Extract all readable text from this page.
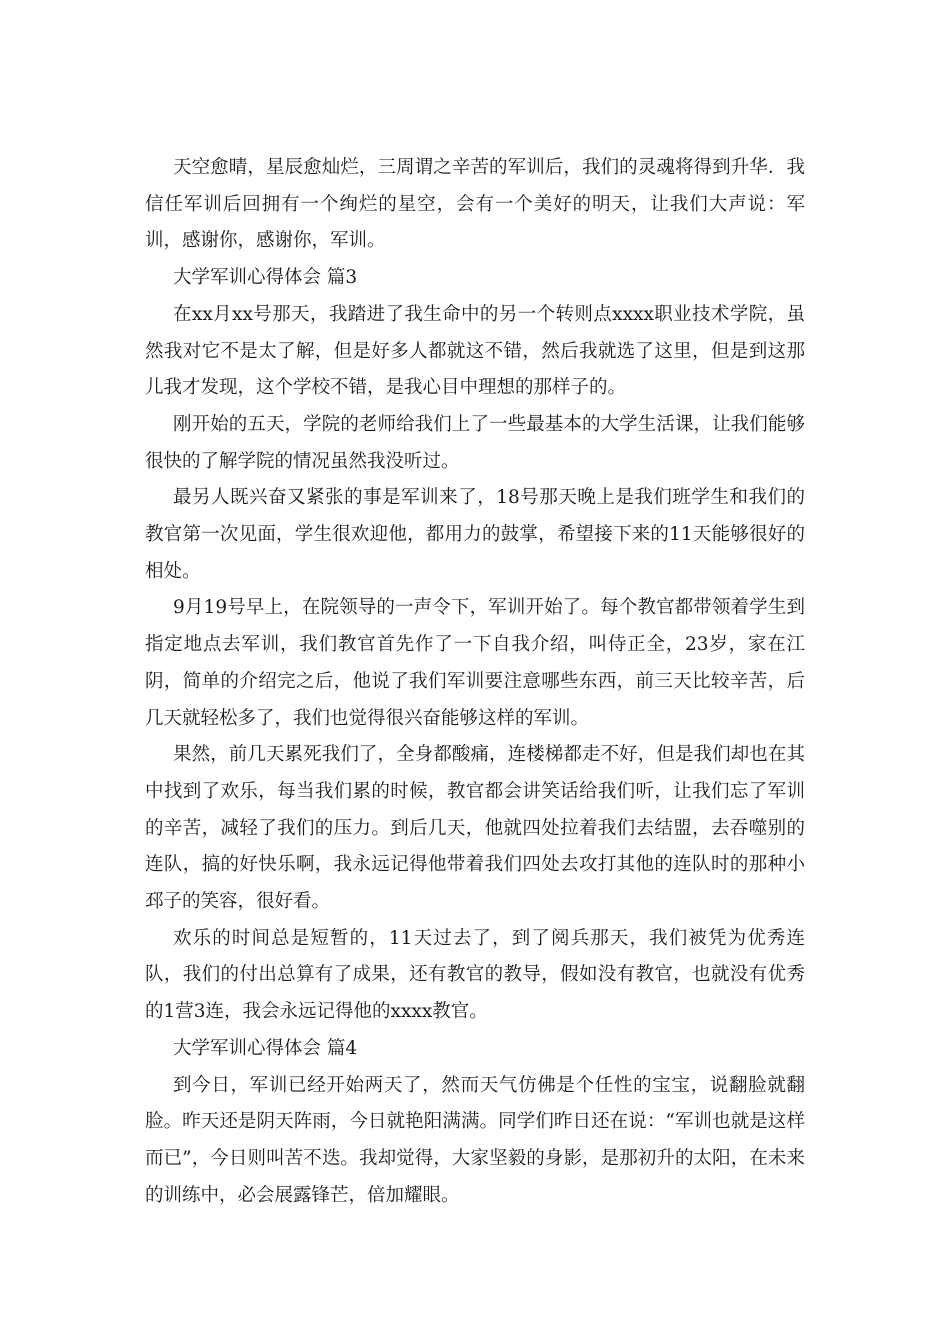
天空愈晴，星辰愈灿烂，三周谓之辛苦的军训后，我们的灵魂将得到升华．我信任军训后回拥有一个绚烂的星空，会有一个美好的明天，让我们大声说：军训，感谢你，感谢你，军训。

大学军训心得体会 篇3

在xx月xx号那天，我踏进了我生命中的另一个转则点xxxx职业技术学院，虽然我对它不是太了解，但是好多人都就这不错，然后我就选了这里，但是到这那儿我才发现，这个学校不错，是我心目中理想的那样子的。

刚开始的五天，学院的老师给我们上了一些最基本的大学生活课，让我们能够很快的了解学院的情况虽然我没听过。

最另人既兴奋又紧张的事是军训来了，18号那天晚上是我们班学生和我们的教官第一次见面，学生很欢迎他，都用力的鼓掌，希望接下来的11天能够很好的相处。

9月19号早上，在院领导的一声令下，军训开始了。每个教官都带领着学生到指定地点去军训，我们教官首先作了一下自我介绍，叫侍正全，23岁，家在江阴，简单的介绍完之后，他说了我们军训要注意哪些东西，前三天比较辛苦，后几天就轻松多了，我们也觉得很兴奋能够这样的军训。

果然，前几天累死我们了，全身都酸痛，连楼梯都走不好，但是我们却也在其中找到了欢乐，每当我们累的时候，教官都会讲笑话给我们听，让我们忘了军训的辛苦，减轻了我们的压力。到后几天，他就四处拉着我们去结盟，去吞噬别的连队，搞的好快乐啊，我永远记得他带着我们四处去攻打其他的连队时的那种小邳子的笑容，很好看。

欢乐的时间总是短暂的，11天过去了，到了阅兵那天，我们被凭为优秀连队，我们的付出总算有了成果，还有教官的教导，假如没有教官，也就没有优秀的1营3连，我会永远记得他的xxxx教官。

大学军训心得体会 篇4

到今日，军训已经开始两天了，然而天气仿佛是个任性的宝宝，说翻脸就翻脸。昨天还是阴天阵雨，今日就艳阳满满。同学们昨日还在说：“军训也就是这样而已”，今日则叫苦不迭。我却觉得，大家坚毅的身影，是那初升的太阳，在未来的训练中，必会展露锋芒，倍加耀眼。
